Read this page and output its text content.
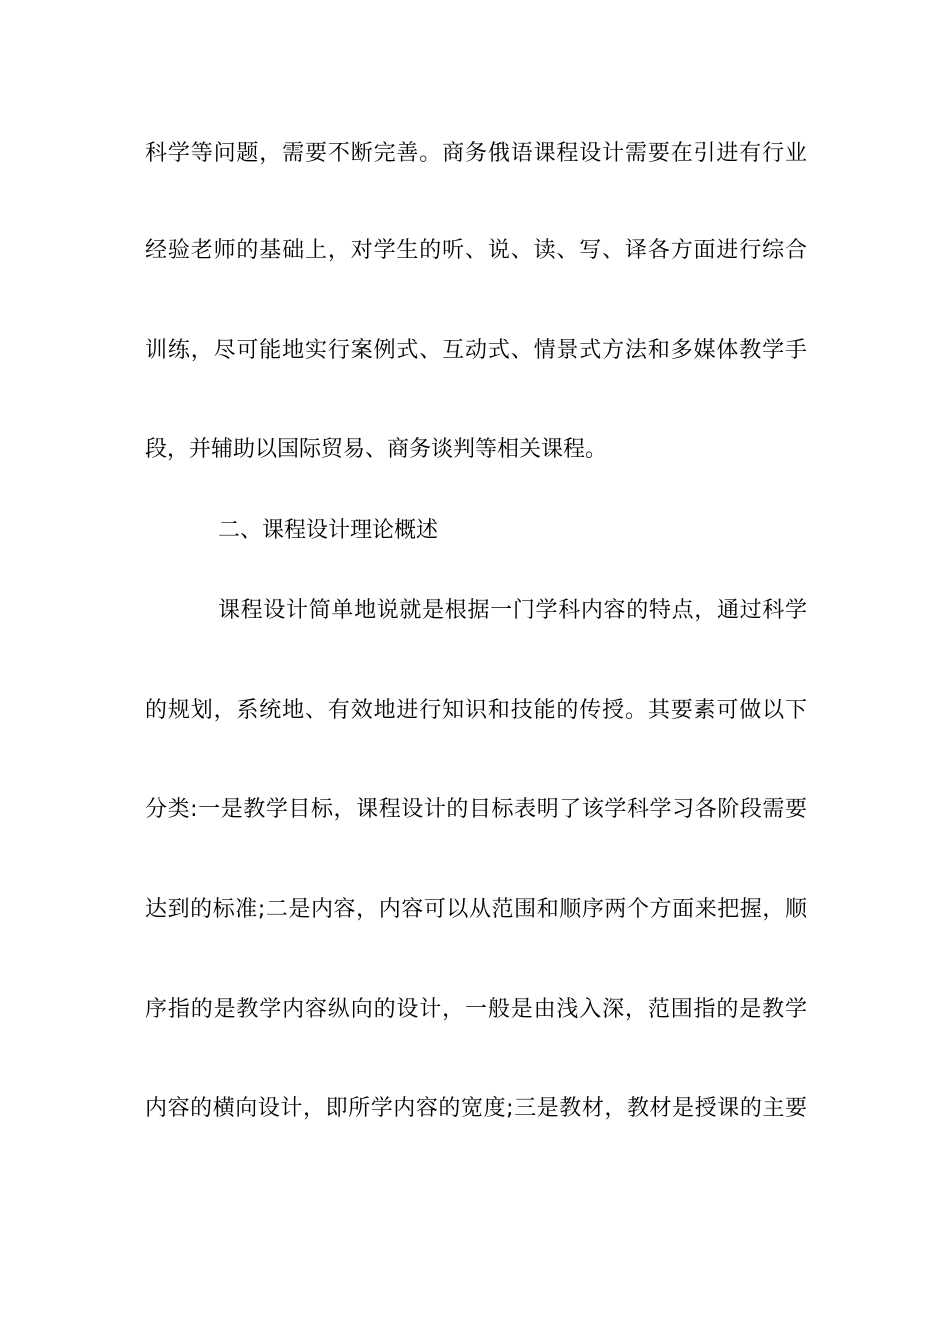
科学等问题，需要不断完善。商务俄语课程设计需要在引进有行业
经验老师的基础上，对学生的听、说、读、写、译各方面进行综合
训练，尽可能地实行案例式、互动式、情景式方法和多媒体教学手
段，并辅助以国际贸易、商务谈判等相关课程。
二、课程设计理论概述
课程设计简单地说就是根据一门学科内容的特点，通过科学
的规划，系统地、有效地进行知识和技能的传授。其要素可做以下
分类:一是教学目标，课程设计的目标表明了该学科学习各阶段需要
达到的标准;二是内容，内容可以从范围和顺序两个方面来把握，顺
序指的是教学内容纵向的设计，一般是由浅入深，范围指的是教学
内容的横向设计，即所学内容的宽度;三是教材，教材是授课的主要
